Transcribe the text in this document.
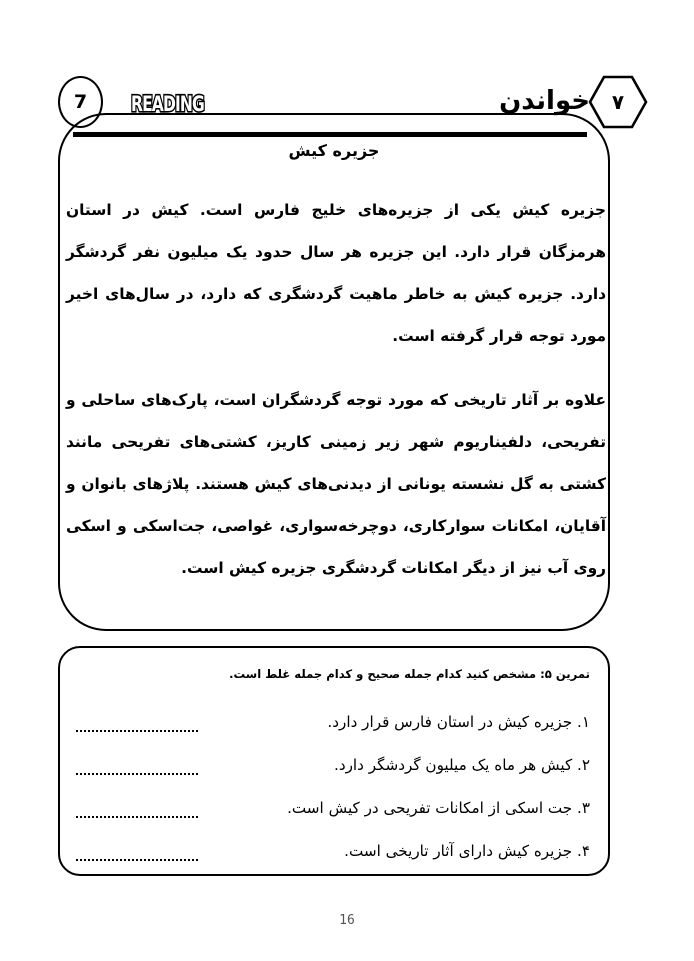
7 READING	خواندن	۷
جزیره کیش

جزیره کیش یکی از جزیره‌های خلیج فارس است. کیش در استان هرمزگان قرار دارد. این جزیره هر سال حدود یک میلیون نفر گردشگر دارد. جزیره کیش به خاطر ماهیت گردشگری که دارد، در سال‌های اخیر مورد توجه قرار گرفته است.

علاوه بر آثار تاریخی که مورد توجه گردشگران است، پارک‌های ساحلی و تفریحی، دلفیناریوم شهر زیر زمینی کاریز، کشتی‌های تفریحی مانند کشتی به گل نشسته یونانی از دیدنی‌های کیش هستند. پلاژهای بانوان و آقایان، امکانات سوارکاری، دوچرخه‌سواری، غواصی، جت‌اسکی و اسکی روی آب نیز از دیگر امکانات گردشگری جزیره کیش است.

تمرین ۵: مشخص کنید کدام جمله صحیح و کدام جمله غلط است.
۱. جزیره کیش در استان فارس قرار دارد.
۲. کیش هر ماه یک میلیون گردشگر دارد.
۳. جت اسکی از امکانات تفریحی در کیش است.
۴. جزیره کیش دارای آثار تاریخی است.
16
